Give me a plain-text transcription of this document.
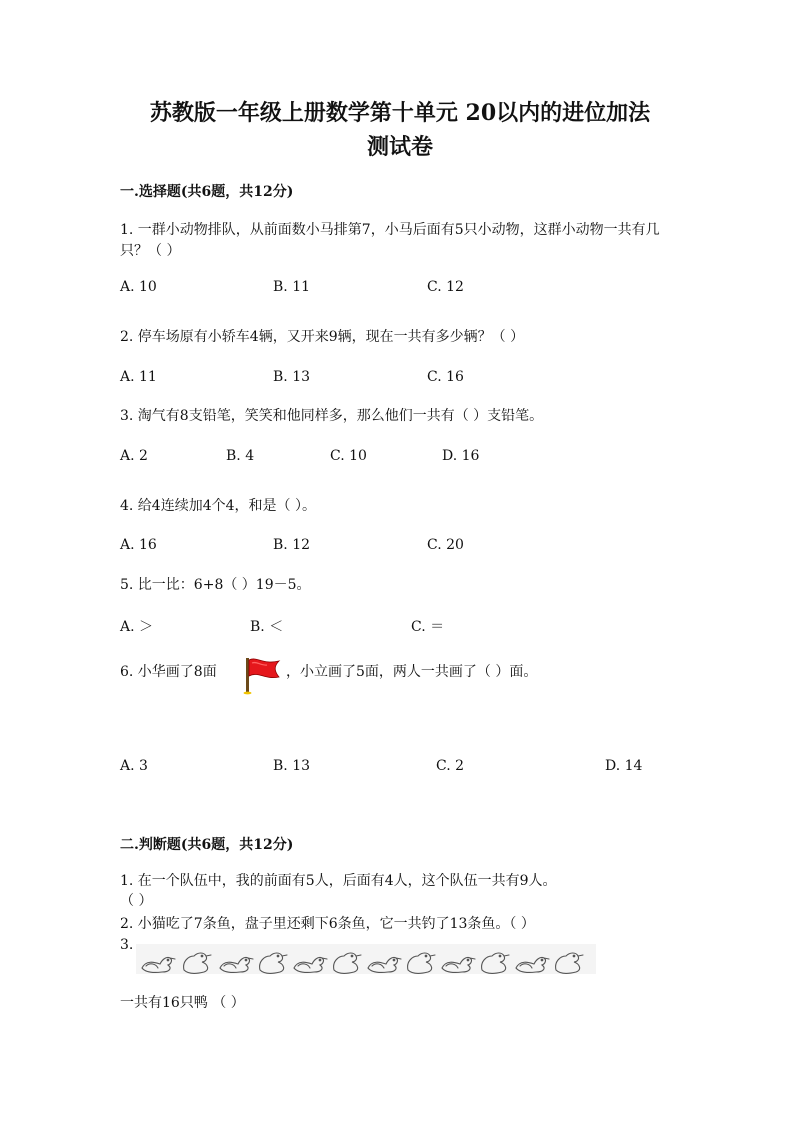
苏教版一年级上册数学第十单元 20以内的进位加法
测试卷
一.选择题(共6题，共12分)
1. 一群小动物排队，从前面数小马排第7，小马后面有5只小动物，这群小动物一共有几
只？（ ）
A. 10	B. 11	C. 12
2. 停车场原有小轿车4辆，又开来9辆，现在一共有多少辆？（ ）
A. 11	B. 13	C. 16
3. 淘气有8支铅笔，笑笑和他同样多，那么他们一共有（ ）支铅笔。
A. 2	B. 4	C. 10	D. 16
4. 给4连续加4个4，和是（ ）。
A. 16	B. 12	C. 20
5. 比一比：6+8（ ）19－5。
A. ＞	B. ＜	C. ＝
6. 小华画了8面	，小立画了5面，两人一共画了（ ）面。
A. 3	B. 13	C. 2	D. 14
二.判断题(共6题，共12分)
1. 在一个队伍中，我的前面有5人，后面有4人，这个队伍一共有9人。
（ ）
2. 小猫吃了7条鱼，盘子里还剩下6条鱼，它一共钓了13条鱼。（ ）
3.
一共有16只鸭 （ ）
